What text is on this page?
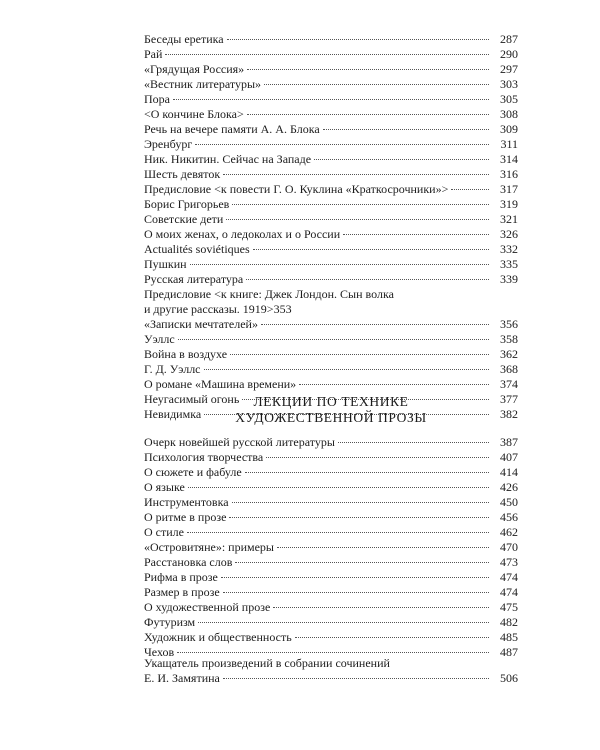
Беседы еретика	287
Рай	290
«Грядущая Россия»	297
«Вестник литературы»	303
Пора	305
<О кончине Блока>	308
Речь на вечере памяти А. А. Блока	309
Эренбург	311
Ник. Никитин. Сейчас на Западе	314
Шесть девяток	316
Предисловие <к повести Г. О. Куклина «Краткосрочники»>	317
Борис Григорьев	319
Советские дети	321
О моих женах, о ледоколах и о России	326
Actualités soviétiques	332
Пушкин	335
Русская литература	339
Предисловие <к книге: Джек Лондон. Сын волка
и другие рассказы. 1919> 353
«Записки мечтателей»	356
Уэллс	358
Война в воздухе	362
Г. Д. Уэллс	368
О романе «Машина времени»	374
Неугасимый огонь	377
Невидимка	382
ЛЕКЦИИ ПО ТЕХНИКЕ
ХУДОЖЕСТВЕННОЙ ПРОЗЫ
Очерк новейшей русской литературы	387
Психология творчества	407
О сюжете и фабуле	414
О языке	426
Инструментовка	450
О ритме в прозе	456
О стиле	462
«Островитяне»: примеры	470
Расстановка слов	473
Рифма в прозе	474
Размер в прозе	474
О художественной прозе	475
Футуризм	482
Художник и общественность	485
Чехов	487
Укащатель произведений в собрании сочинений
Е. И. Замятина	506
